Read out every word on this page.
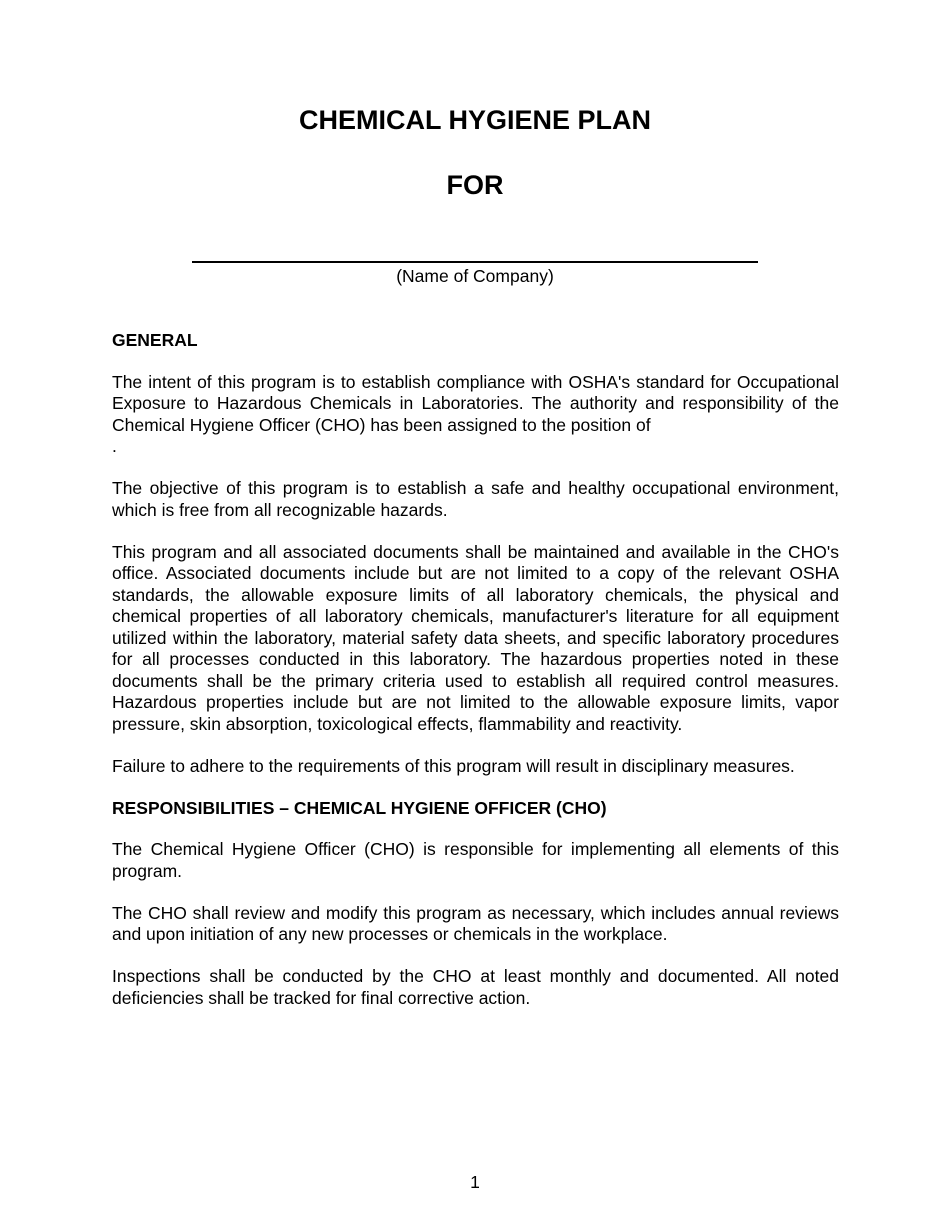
CHEMICAL HYGIENE PLAN
FOR
(Name of Company)
GENERAL
The intent of this program is to establish compliance with OSHA's standard for Occupational Exposure to Hazardous Chemicals in Laboratories. The authority and responsibility of the Chemical Hygiene Officer (CHO) has been assigned to the position of
.
The objective of this program is to establish a safe and healthy occupational environment, which is free from all recognizable hazards.
This program and all associated documents shall be maintained and available in the CHO's office. Associated documents include but are not limited to a copy of the relevant OSHA standards, the allowable exposure limits of all laboratory chemicals, the physical and chemical properties of all laboratory chemicals, manufacturer's literature for all equipment utilized within the laboratory, material safety data sheets, and specific laboratory procedures for all processes conducted in this laboratory. The hazardous properties noted in these documents shall be the primary criteria used to establish all required control measures. Hazardous properties include but are not limited to the allowable exposure limits, vapor pressure, skin absorption, toxicological effects, flammability and reactivity.
Failure to adhere to the requirements of this program will result in disciplinary measures.
RESPONSIBILITIES – CHEMICAL HYGIENE OFFICER (CHO)
The Chemical Hygiene Officer (CHO) is responsible for implementing all elements of this program.
The CHO shall review and modify this program as necessary, which includes annual reviews and upon initiation of any new processes or chemicals in the workplace.
Inspections shall be conducted by the CHO at least monthly and documented. All noted deficiencies shall be tracked for final corrective action.
1
